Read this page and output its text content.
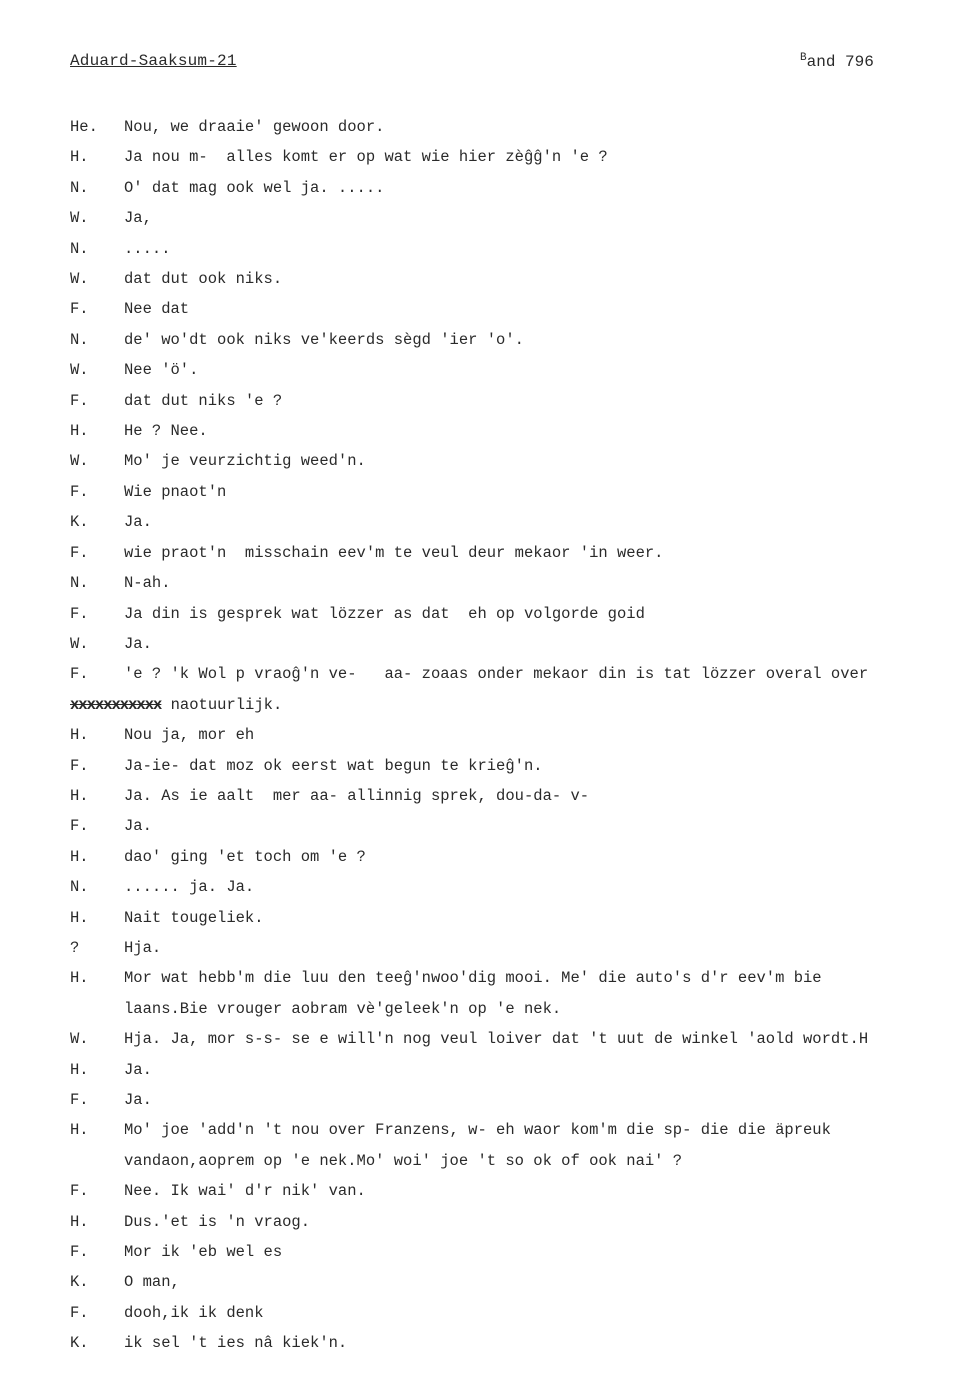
Aduard-Saaksum-21	$^B$and 796
He.	Nou, we draaie' gewoon door.
H.	Ja nou m-  alles komt er op wat wie hier zèĝĝ'n 'e ?
N.	O' dat mag ook wel ja. .....
W.	Ja,
N.	.....
W.	dat dut ook niks.
F.	Nee dat
N.	de' wo'dt ook niks ve'keerds sègd 'ier 'o'.
W.	Nee 'ö'.
F.	dat dut niks 'e ?
H.	He ? Nee.
W.	Mo' je veurzichtig weed'n.
F.	Wie pnaot'n
K.	Ja.
F.	wie praot'n  misschain eev'm te veul deur mekaor 'in weer.
N.	N-ah.
F.	Ja din is gesprek wat lözzer as dat  eh op volgorde goid
W.	Ja.
F.	'e ? 'k Wol p vraoĝ'n ve-   aa- zoaas onder mekaor din is tat lözzer overal over
xxxxxxxxxxx naotuurlijk.
H.	Nou ja, mor eh
F.	Ja-ie- dat moz ok eerst wat begun te krieĝ'n.
H.	Ja. As ie aalt  mer aa- allinnig sprek, dou-da- v-
F.	Ja.
H.	dao' ging 'et toch om 'e ?
N.	...... ja. Ja.
H.	Nait tougeliek.
?	Hja.
H.	Mor wat hebb'm die luu den teeĝ'nwoo'dig mooi. Me' die auto's d'r eev'm bie
laans.Bie vrouger aobram vè'geleek'n op 'e nek.
W.	Hja. Ja, mor s-s- se e will'n nog veul loiver dat 't uut de winkel 'aold wordt.H
H.	Ja.
F.	Ja.
H.	Mo' joe 'add'n 't nou over Franzens, w- eh waor kom'm die sp- die die äpreuk
vandaon,aoprem op 'e nek.Mo' woi' joe 't so ok of ook nai' ?
F.	Nee. Ik wai' d'r nik' van.
H.	Dus.'et is 'n vraog.
F.	Mor ik 'eb wel es
K.	O man,
F.	dooh,ik ik denk
K.	ik sel 't ies nâ kiek'n.
